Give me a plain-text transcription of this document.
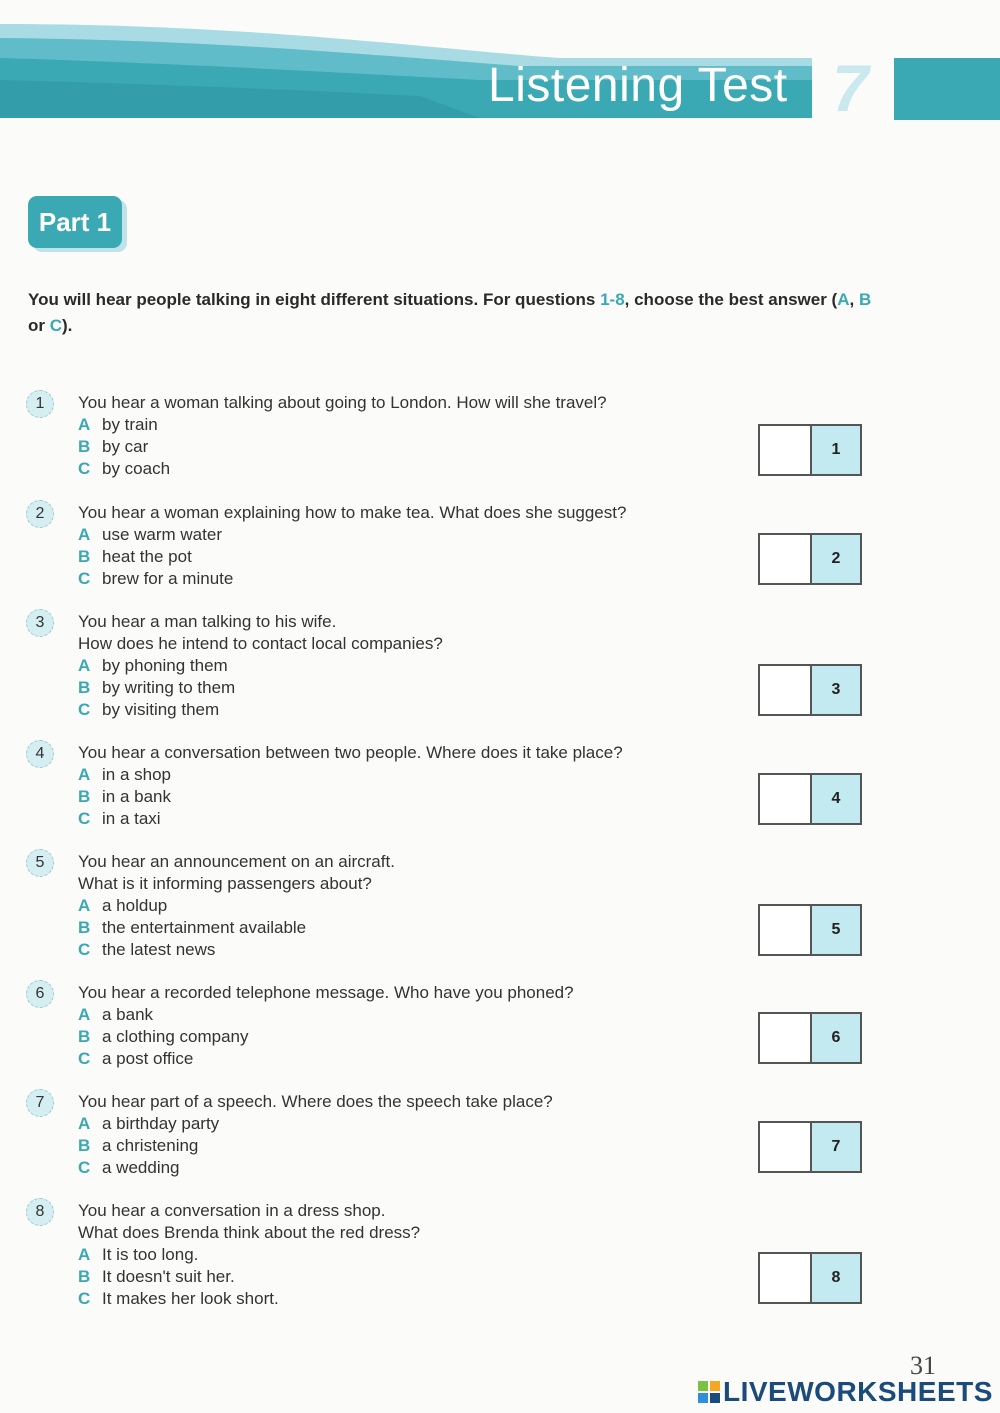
Listening Test 7
Part 1
You will hear people talking in eight different situations. For questions 1-8, choose the best answer (A, B or C).
1	You hear a woman talking about going to London. How will she travel?
A by train
B by car
C by coach
1
2	You hear a woman explaining how to make tea. What does she suggest?
A use warm water
B heat the pot
C brew for a minute
2
3	You hear a man talking to his wife.
How does he intend to contact local companies?
A by phoning them
B by writing to them
C by visiting them
3
4	You hear a conversation between two people. Where does it take place?
A in a shop
B in a bank
C in a taxi
4
5	You hear an announcement on an aircraft.
What is it informing passengers about?
A a holdup
B the entertainment available
C the latest news
5
6	You hear a recorded telephone message. Who have you phoned?
A a bank
B a clothing company
C a post office
6
7	You hear part of a speech. Where does the speech take place?
A a birthday party
B a christening
C a wedding
7
8	You hear a conversation in a dress shop.
What does Brenda think about the red dress?
A It is too long.
B It doesn't suit her.
C It makes her look short.
8
31
LIVEWORKSHEETS
